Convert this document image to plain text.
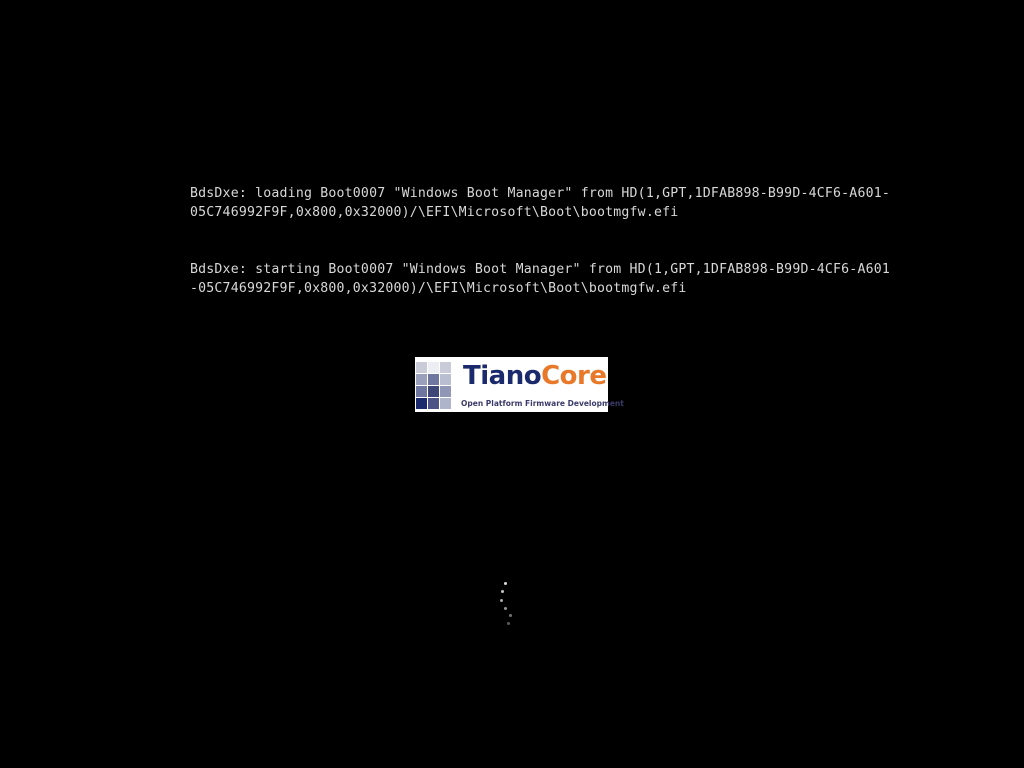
BdsDxe: loading Boot0007 "Windows Boot Manager" from HD(1,GPT,1DFAB898-B99D-4CF6-A601-05C746992F9F,0x800,0x32000)/\EFI\Microsoft\Boot\bootmgfw.efi

BdsDxe: starting Boot0007 "Windows Boot Manager" from HD(1,GPT,1DFAB898-B99D-4CF6-A601-05C746992F9F,0x800,0x32000)/\EFI\Microsoft\Boot\bootmgfw.efi

TianoCore
Open Platform Firmware Development
